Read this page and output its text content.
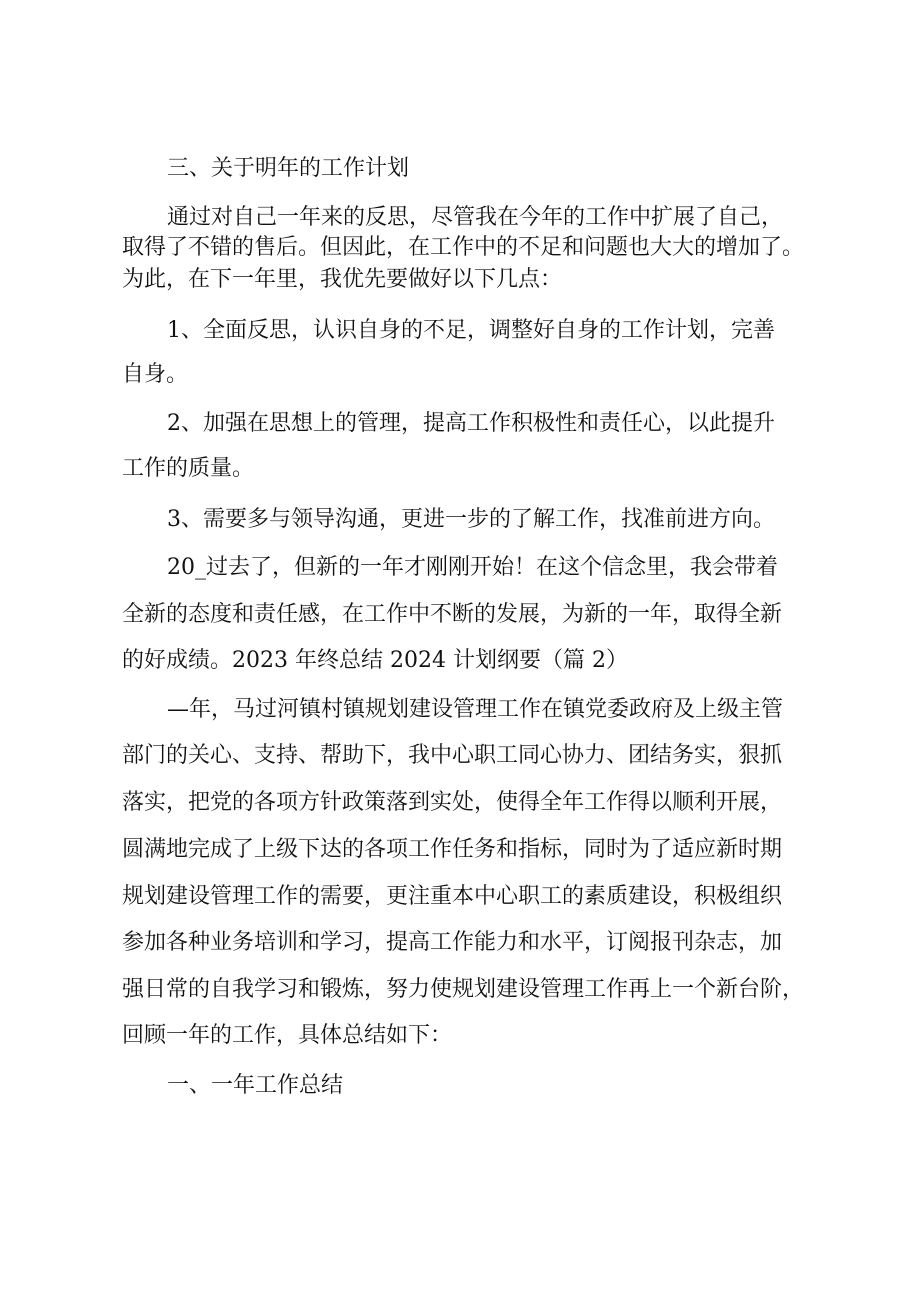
三、关于明年的工作计划
通过对自己一年来的反思，尽管我在今年的工作中扩展了自己，
取得了不错的售后。但因此，在工作中的不足和问题也大大的增加了。
为此，在下一年里，我优先要做好以下几点：
1、全面反思，认识自身的不足，调整好自身的工作计划，完善
自身。
2、加强在思想上的管理，提高工作积极性和责任心，以此提升
工作的质量。
3、需要多与领导沟通，更进一步的了解工作，找准前进方向。
20_过去了，但新的一年才刚刚开始！在这个信念里，我会带着
全新的态度和责任感，在工作中不断的发展，为新的一年，取得全新
的好成绩。2023 年终总结 2024 计划纲要（篇 2）
—年，马过河镇村镇规划建设管理工作在镇党委政府及上级主管
部门的关心、支持、帮助下，我中心职工同心协力、团结务实，狠抓
落实，把党的各项方针政策落到实处，使得全年工作得以顺利开展，
圆满地完成了上级下达的各项工作任务和指标，同时为了适应新时期
规划建设管理工作的需要，更注重本中心职工的素质建设，积极组织
参加各种业务培训和学习，提高工作能力和水平，订阅报刊杂志，加
强日常的自我学习和锻炼，努力使规划建设管理工作再上一个新台阶，
回顾一年的工作，具体总结如下：
一、一年工作总结
